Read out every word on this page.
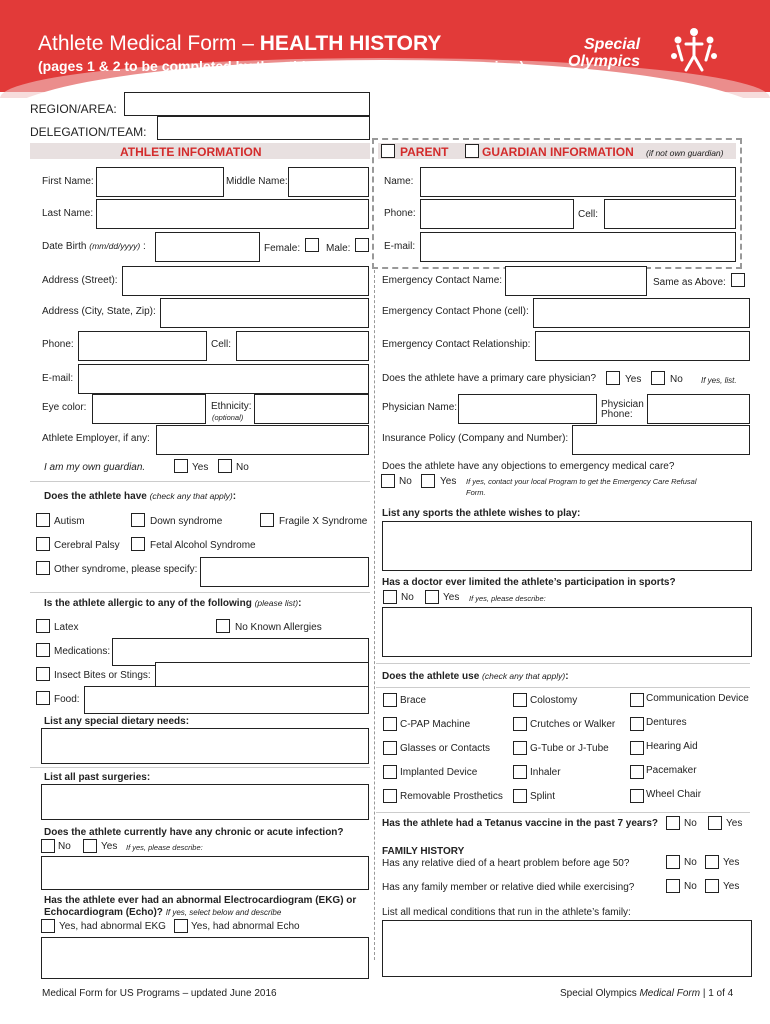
Athlete Medical Form – HEALTH HISTORY
(pages 1 & 2 to be completed by the athlete or parent/guardian/caregiver)
Special
Olympics
REGION/AREA:
DELEGATION/TEAM:
ATHLETE INFORMATION
First Name:	Middle Name:
Last Name:
Date Birth (mm/dd/yyyy) :	Female:	Male:
Address (Street):
Address (City, State, Zip):
Phone:	Cell:
E-mail:
Eye color:	Ethnicity:
(optional)
Athlete Employer, if any:
I am my own guardian.	Yes	No
Does the athlete have (check any that apply):
Autism	Down syndrome	Fragile X Syndrome
Cerebral Palsy	Fetal Alcohol Syndrome
Other syndrome, please specify:
Is the athlete allergic to any of the following (please list):
Latex	No Known Allergies
Medications:
Insect Bites or Stings:
Food:
List any special dietary needs:
List all past surgeries:
Does the athlete currently have any chronic or acute infection?
No	Yes If yes, please describe:
Has the athlete ever had an abnormal Electrocardiogram (EKG) or
Echocardiogram (Echo)? If yes, select below and describe
Yes, had abnormal EKG	Yes, had abnormal Echo
PARENT	GUARDIAN INFORMATION (if not own guardian)
Name:
Phone:	Cell:
E-mail:
Emergency Contact Name:	Same as Above:
Emergency Contact Phone (cell):
Emergency Contact Relationship:
Does the athlete have a primary care physician?	Yes	No If yes, list.
Physician Name:	Physician
Phone:
Insurance Policy (Company and Number):
Does the athlete have any objections to emergency medical care?
No	Yes If yes, contact your local Program to get the Emergency Care Refusal
Form.
List any sports the athlete wishes to play:
Has a doctor ever limited the athlete’s participation in sports?
No	Yes If yes, please describe:
Does the athlete use (check any that apply):
Brace	Colostomy	Communication Device
C-PAP Machine	Crutches or Walker	Dentures
Glasses or Contacts	G-Tube or J-Tube	Hearing Aid
Implanted Device	Inhaler	Pacemaker
Removable Prosthetics	Splint	Wheel Chair
Has the athlete had a Tetanus vaccine in the past 7 years?	No	Yes
FAMILY HISTORY
Has any relative died of a heart problem before age 50?	No	Yes
Has any family member or relative died while exercising?	No	Yes
List all medical conditions that run in the athlete’s family:
Medical Form for US Programs – updated June 2016	Special Olympics Medical Form | 1 of 4
